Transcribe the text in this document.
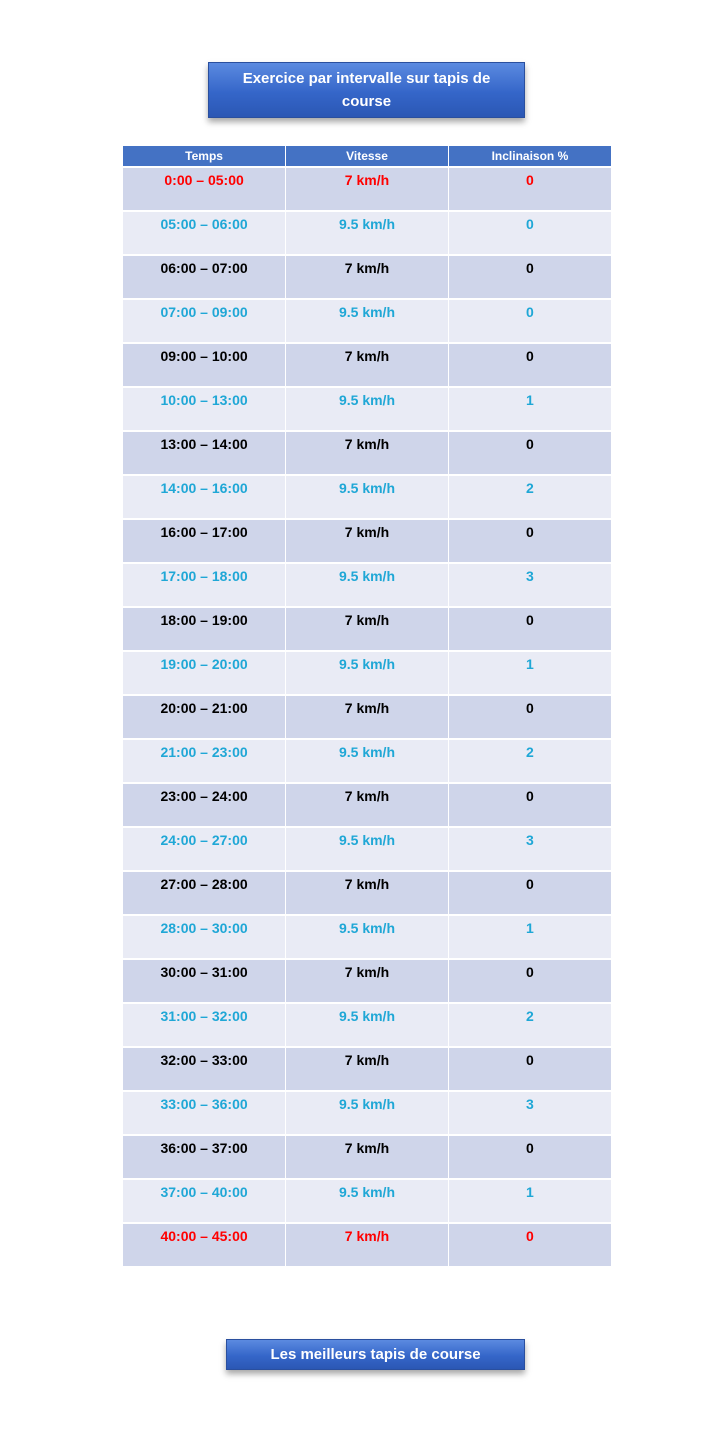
Exercice par intervalle sur tapis de course
Temps	Vitesse	Inclinaison %
0:00 – 05:00	7 km/h	0
05:00 – 06:00	9.5 km/h	0
06:00 – 07:00	7 km/h	0
07:00 – 09:00	9.5 km/h	0
09:00 – 10:00	7 km/h	0
10:00 – 13:00	9.5 km/h	1
13:00 – 14:00	7 km/h	0
14:00 – 16:00	9.5 km/h	2
16:00 – 17:00	7 km/h	0
17:00 – 18:00	9.5 km/h	3
18:00 – 19:00	7 km/h	0
19:00 – 20:00	9.5 km/h	1
20:00 – 21:00	7 km/h	0
21:00 – 23:00	9.5 km/h	2
23:00 – 24:00	7 km/h	0
24:00 – 27:00	9.5 km/h	3
27:00 – 28:00	7 km/h	0
28:00 – 30:00	9.5 km/h	1
30:00 – 31:00	7 km/h	0
31:00 – 32:00	9.5 km/h	2
32:00 – 33:00	7 km/h	0
33:00 – 36:00	9.5 km/h	3
36:00 – 37:00	7 km/h	0
37:00 – 40:00	9.5 km/h	1
40:00 – 45:00	7 km/h	0
Les meilleurs tapis de course
